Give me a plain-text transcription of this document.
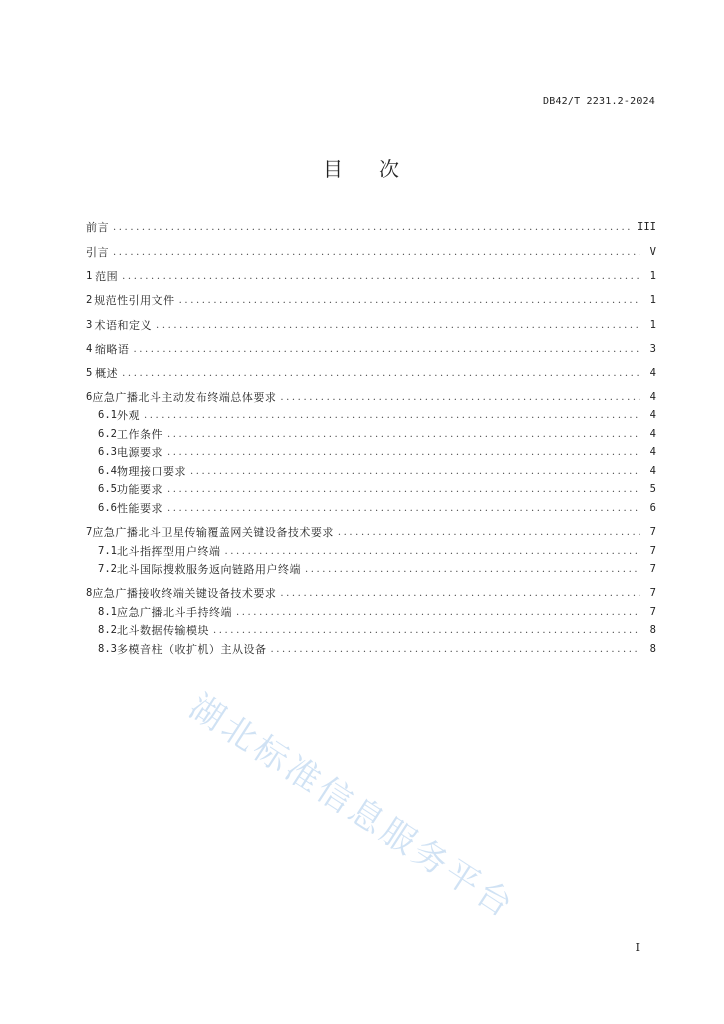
DB42/T 2231.2-2024
目 次
前言 .....	III
引言 .....	V
1 范围 .....	1
2 规范性引用文件 .....	1
3 术语和定义 .....	1
4 缩略语 .....	3
5 概述 .....	4
6 应急广播北斗主动发布终端总体要求 .....	4
6.1 外观 .....	4
6.2 工作条件 .....	4
6.3 电源要求 .....	4
6.4 物理接口要求 .....	4
6.5 功能要求 .....	5
6.6 性能要求 .....	6
7 应急广播北斗卫星传输覆盖网关键设备技术要求 .....	7
7.1 北斗指挥型用户终端 .....	7
7.2 北斗国际搜救服务返向链路用户终端 .....	7
8 应急广播接收终端关键设备技术要求 .....	7
8.1 应急广播北斗手持终端 .....	7
8.2 北斗数据传输模块 .....	8
8.3 多模音柱（收扩机）主从设备 .....	8
湖北标准信息服务平台
I
